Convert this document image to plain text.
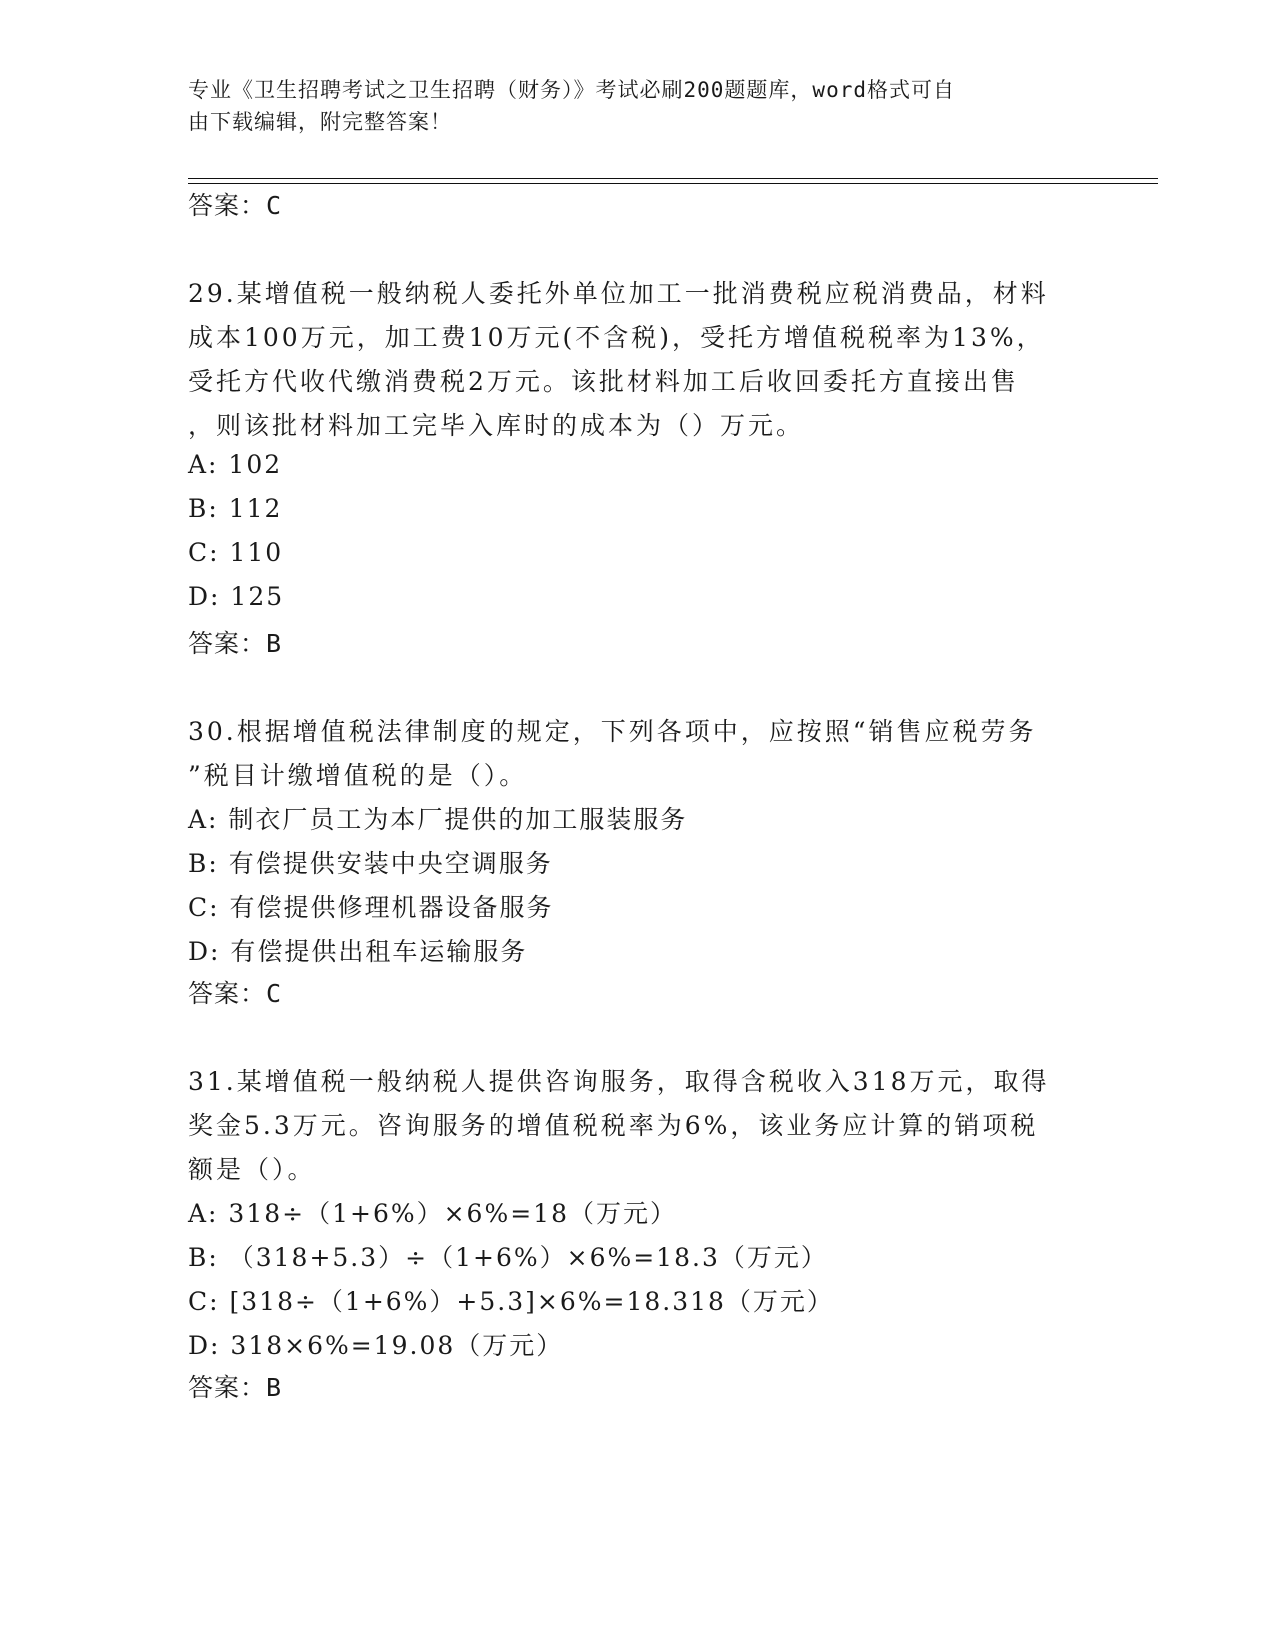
专业《卫生招聘考试之卫生招聘（财务）》考试必刷200题题库，word格式可自
由下载编辑，附完整答案！
答案：C
29.某增值税一般纳税人委托外单位加工一批消费税应税消费品，材料
成本100万元，加工费10万元(不含税)，受托方增值税税率为13%，
受托方代收代缴消费税2万元。该批材料加工后收回委托方直接出售
，则该批材料加工完毕入库时的成本为（）万元。
A: 102
B: 112
C: 110
D: 125
答案：B
30.根据增值税法律制度的规定，下列各项中，应按照“销售应税劳务
”税目计缴增值税的是（）。
A: 制衣厂员工为本厂提供的加工服装服务
B: 有偿提供安装中央空调服务
C: 有偿提供修理机器设备服务
D: 有偿提供出租车运输服务
答案：C
31.某增值税一般纳税人提供咨询服务，取得含税收入318万元，取得
奖金5.3万元。咨询服务的增值税税率为6%，该业务应计算的销项税
额是（）。
A: 318÷（1+6%）×6%=18（万元）
B: （318+5.3）÷（1+6%）×6%=18.3（万元）
C: [318÷（1+6%）+5.3]×6%=18.318（万元）
D: 318×6%=19.08（万元）
答案：B
